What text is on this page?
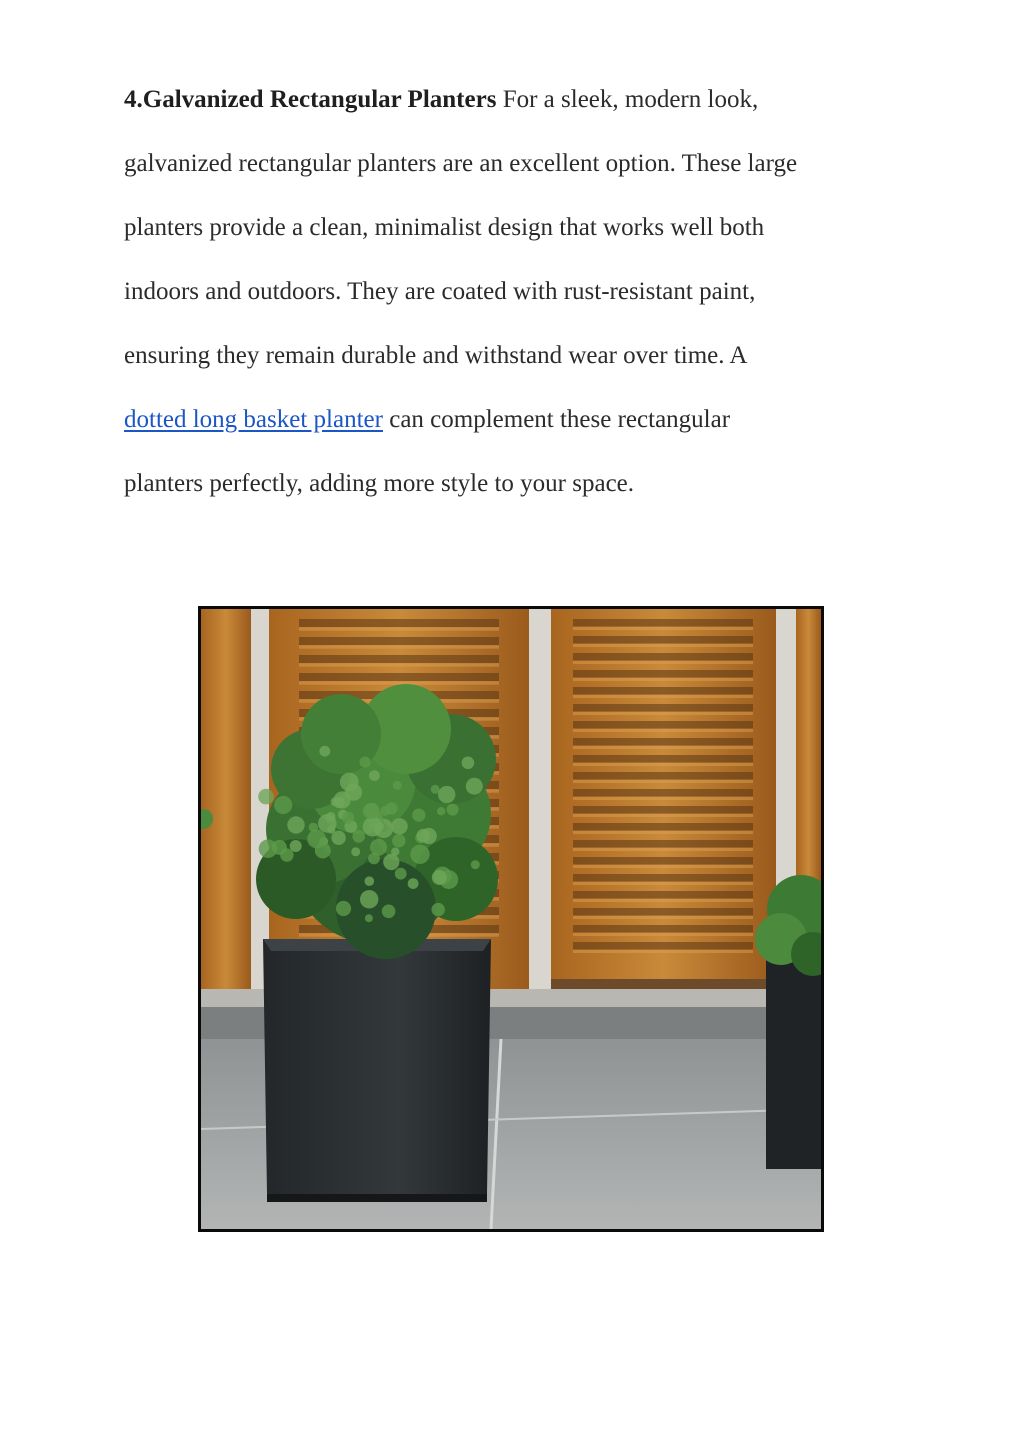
4.Galvanized Rectangular Planters For a sleek, modern look,
galvanized rectangular planters are an excellent option. These large
planters provide a clean, minimalist design that works well both
indoors and outdoors. They are coated with rust-resistant paint,
ensuring they remain durable and withstand wear over time. A
dotted long basket planter can complement these rectangular
planters perfectly, adding more style to your space.
